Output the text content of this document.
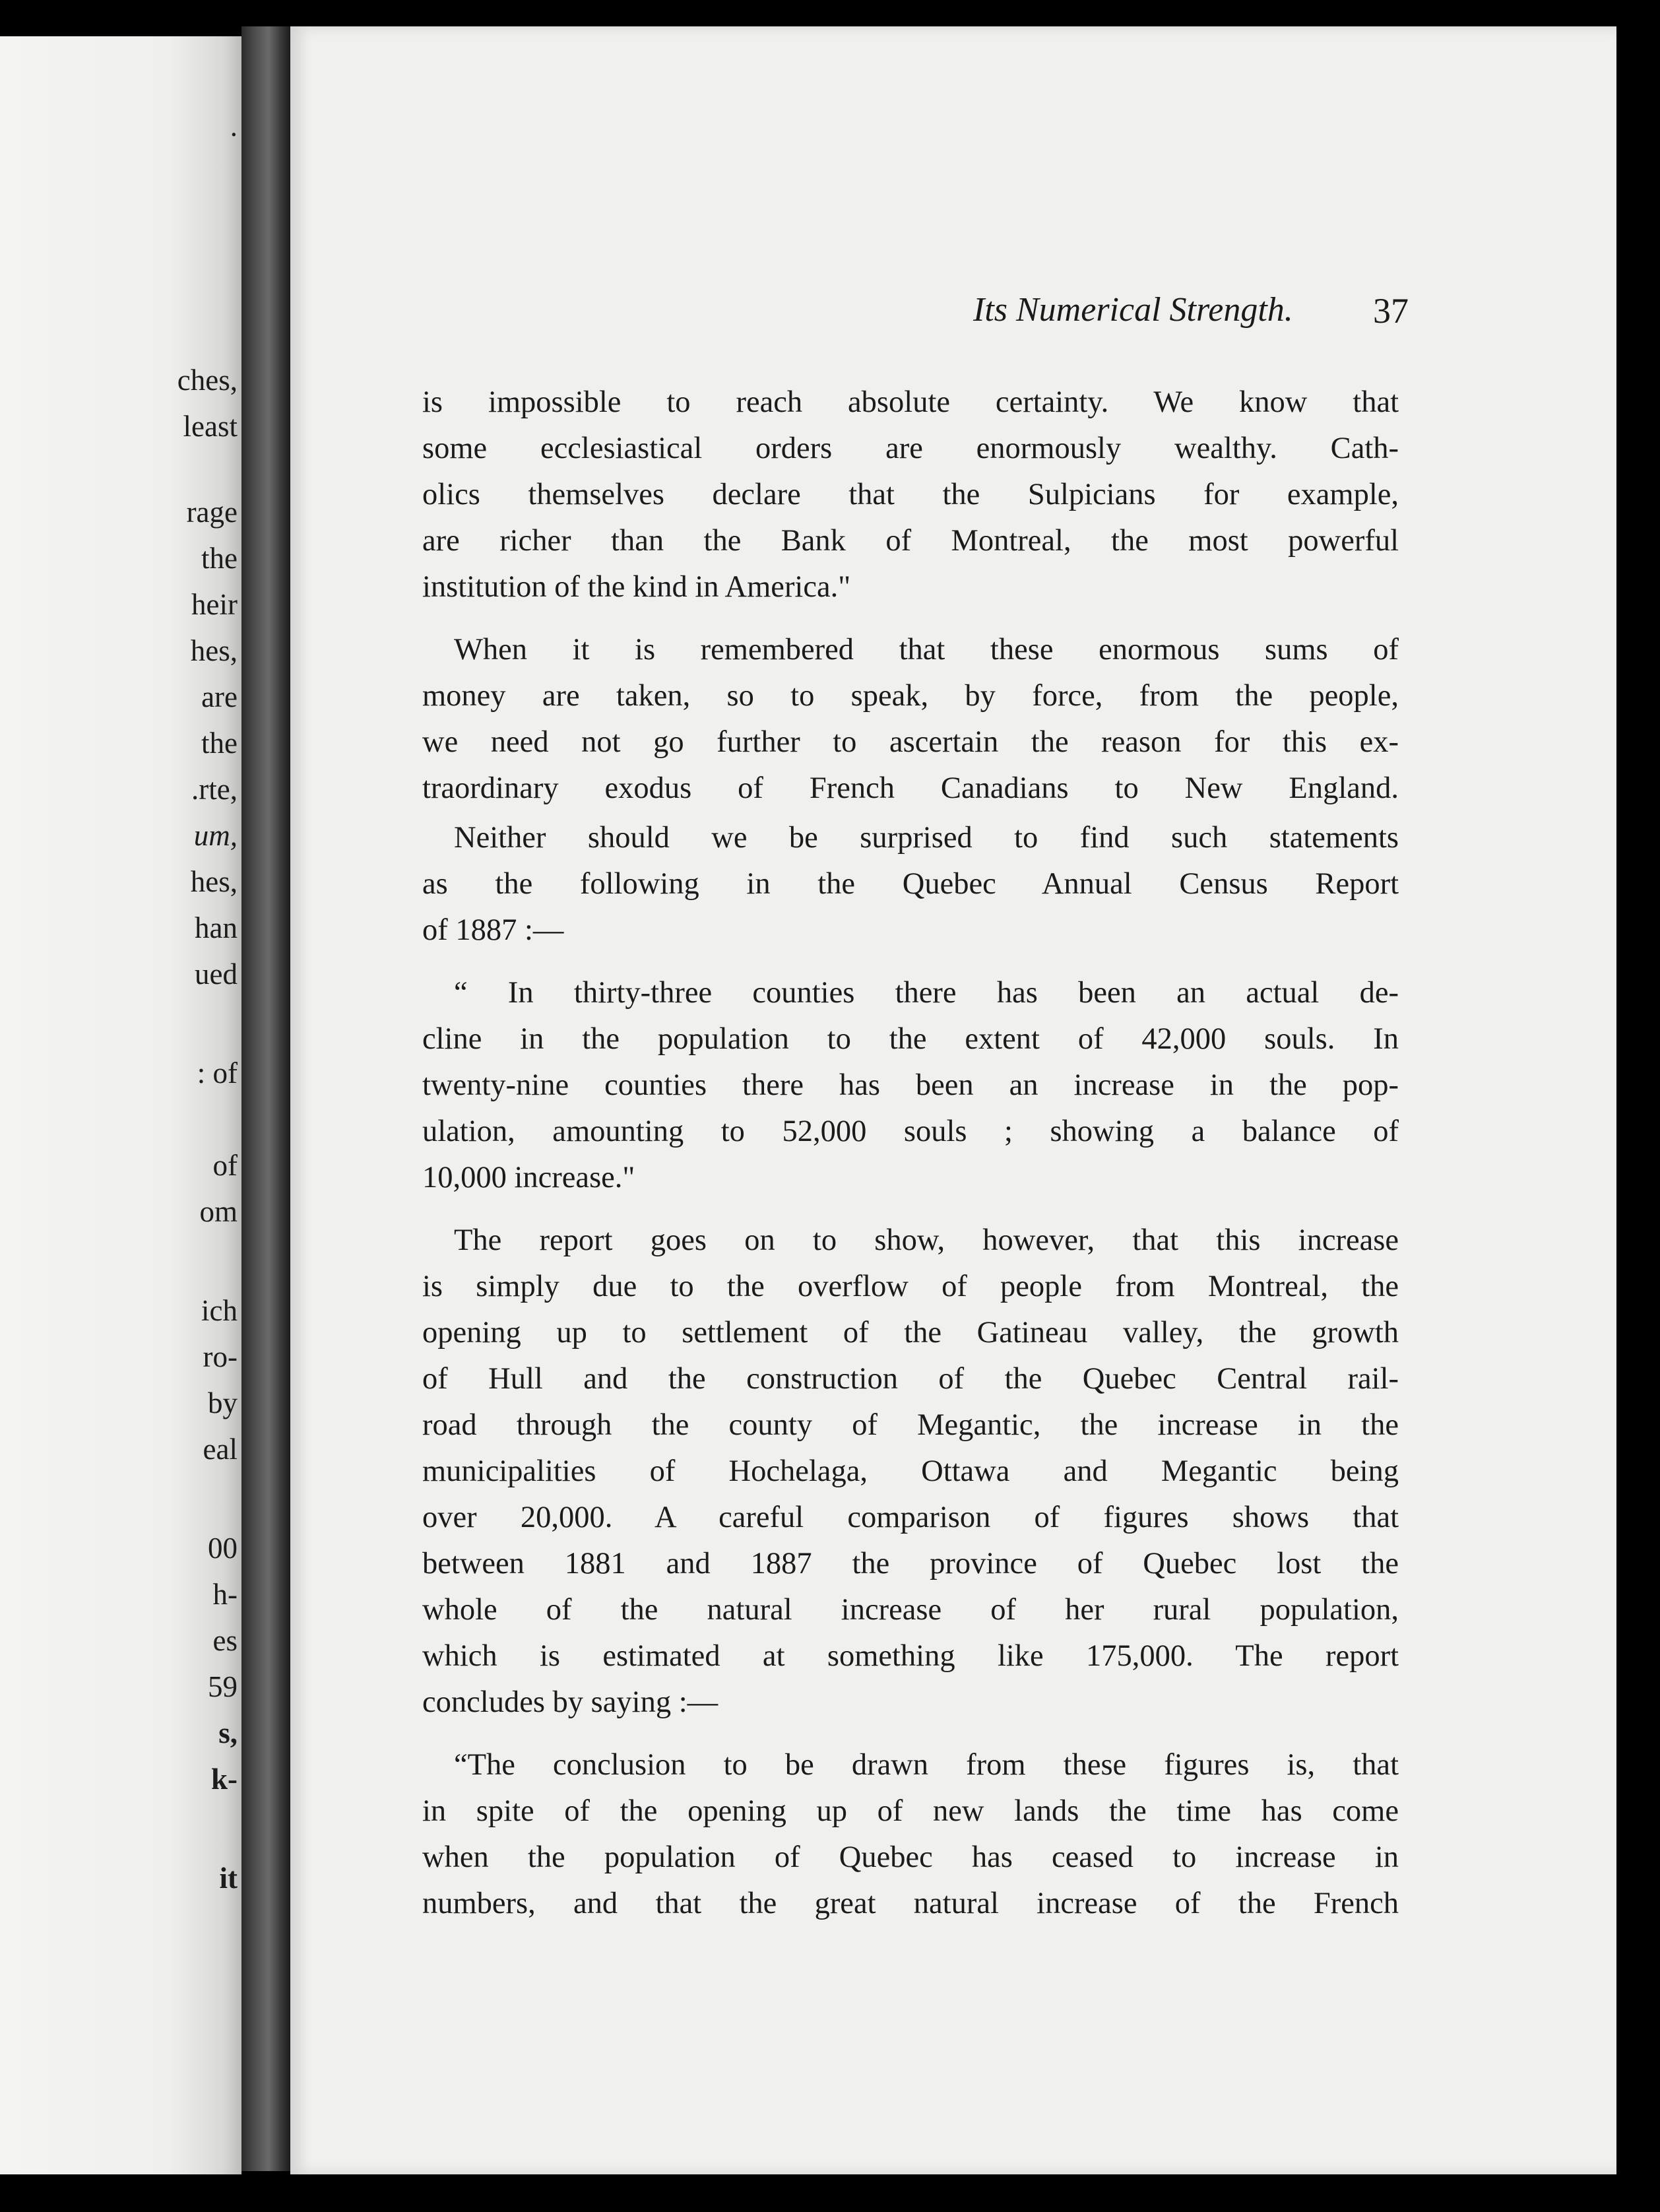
.
ches,
least
rage
the
heir
hes,
are
the
.rte,
um,
hes,
han
ued
: of
of
om
ich
ro-
by
eal
00
h-
es
59
s,
k-
it
Its Numerical Strength. 37
is impossible to reach absolute certainty. We know that
some ecclesiastical orders are enormously wealthy. Cath-
olics themselves declare that the Sulpicians for example,
are richer than the Bank of Montreal, the most powerful
institution of the kind in America."
When it is remembered that these enormous sums of
money are taken, so to speak, by force, from the people,
we need not go further to ascertain the reason for this ex-
traordinary exodus of French Canadians to New England.
Neither should we be surprised to find such statements
as the following in the Quebec Annual Census Report
of 1887 :—
“ In thirty-three counties there has been an actual de-
cline in the population to the extent of 42,000 souls. In
twenty-nine counties there has been an increase in the pop-
ulation, amounting to 52,000 souls ; showing a balance of
10,000 increase."
The report goes on to show, however, that this increase
is simply due to the overflow of people from Montreal, the
opening up to settlement of the Gatineau valley, the growth
of Hull and the construction of the Quebec Central rail-
road through the county of Megantic, the increase in the
municipalities of Hochelaga, Ottawa and Megantic being
over 20,000. A careful comparison of figures shows that
between 1881 and 1887 the province of Quebec lost the
whole of the natural increase of her rural population,
which is estimated at something like 175,000. The report
concludes by saying :—
“The conclusion to be drawn from these figures is, that
in spite of the opening up of new lands the time has come
when the population of Quebec has ceased to increase in
numbers, and that the great natural increase of the French
